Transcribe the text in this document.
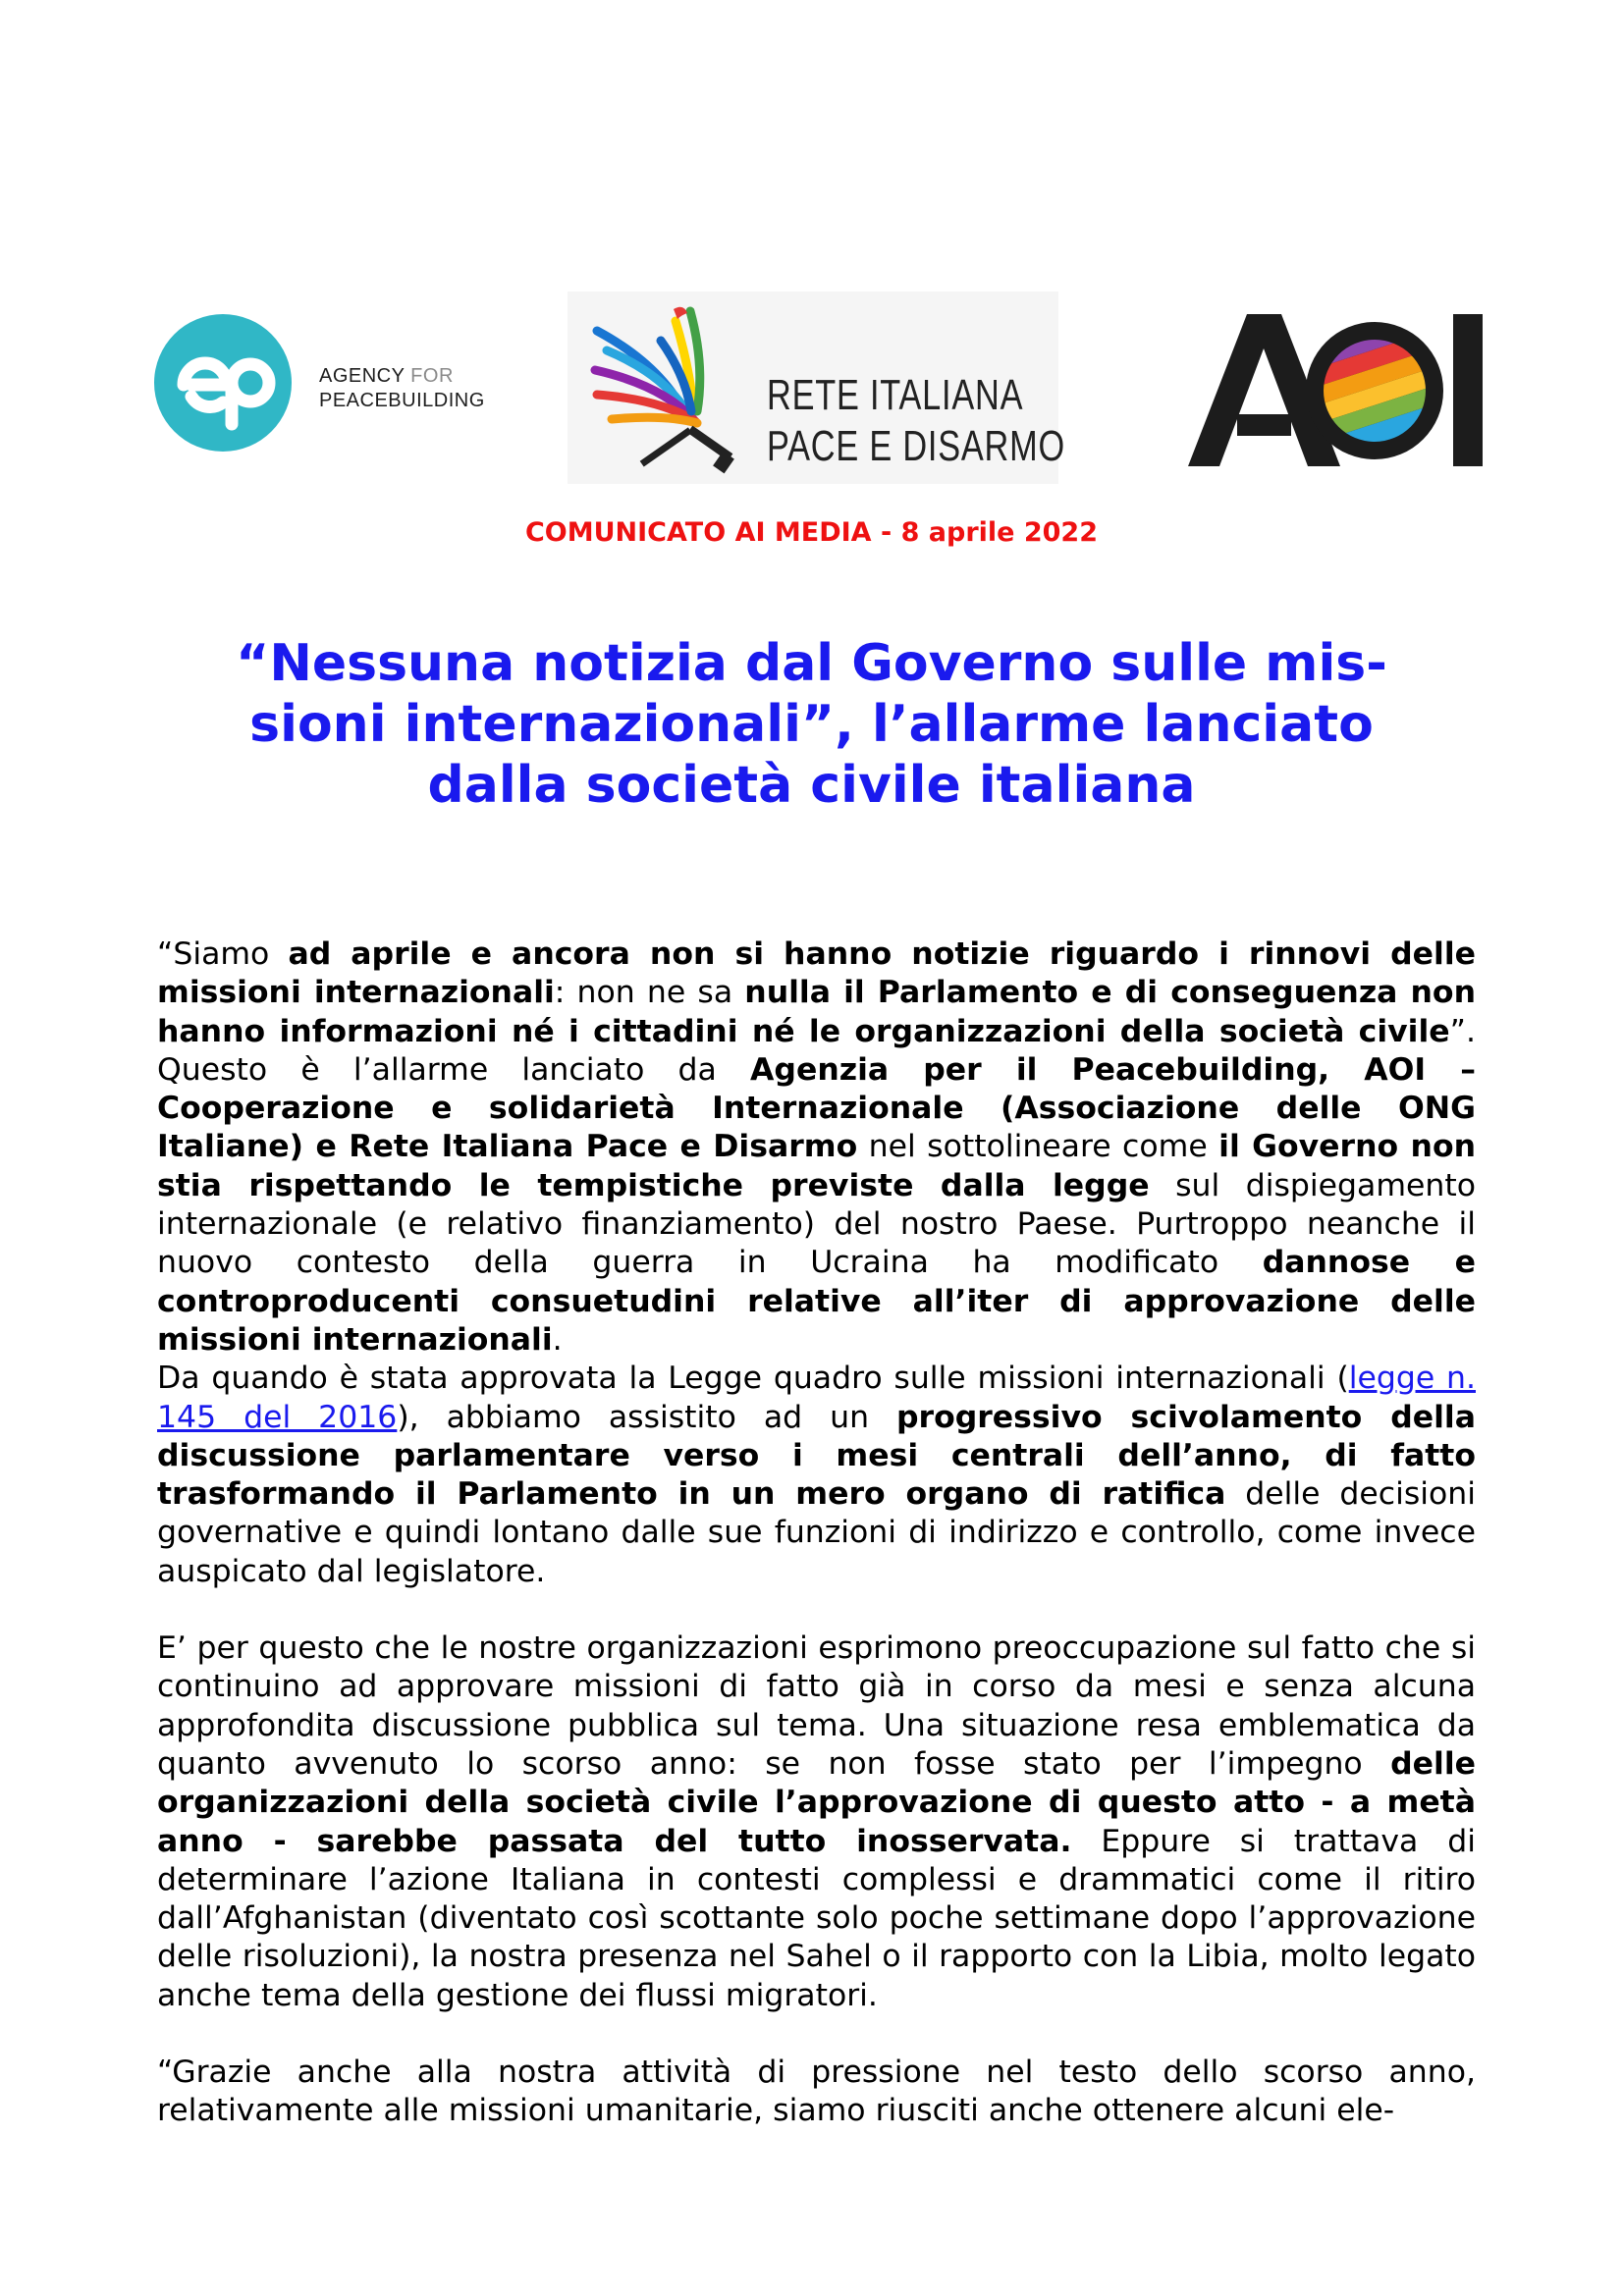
AGENCY FOR
PEACEBUILDING	RETE ITALIANA
PACE E DISARMO
COMUNICATO AI MEDIA - 8 aprile 2022
“Nessuna notizia dal Governo sulle mis-
sioni internazionali”, l’allarme lanciato
dalla società civile italiana

“Siamo ad aprile e ancora non si hanno notizie riguardo i rinnovi delle missioni internazionali: non ne sa nulla il Parlamento e di conseguenza non hanno informazioni né i cittadini né le organizzazioni della società civile”. Questo è l’allarme lanciato da Agenzia per il Peacebuilding, AOI – Cooperazione e solidarietà Internazionale (Associazione delle ONG Italiane) e Rete Italiana Pace e Disarmo nel sottolineare come il Governo non stia rispettando le tempistiche previste dalla legge sul dispiegamento internazionale (e relativo finanziamento) del nostro Paese. Purtroppo neanche il nuovo contesto della guerra in Ucraina ha modificato dannose e controproducenti consuetudini relative all’iter di approvazione delle missioni internazionali.

Da quando è stata approvata la Legge quadro sulle missioni internazionali (legge n. 145 del 2016), abbiamo assistito ad un progressivo scivolamento della discussione parlamentare verso i mesi centrali dell’anno, di fatto trasformando il Parlamento in un mero organo di ratifica delle decisioni governative e quindi lontano dalle sue funzioni di indirizzo e controllo, come invece auspicato dal legislatore.

E’ per questo che le nostre organizzazioni esprimono preoccupazione sul fatto che si continuino ad approvare missioni di fatto già in corso da mesi e senza alcuna approfondita discussione pubblica sul tema. Una situazione resa emblematica da quanto avvenuto lo scorso anno: se non fosse stato per l’impegno delle organizzazioni della società civile l’approvazione di questo atto - a metà anno - sarebbe passata del tutto inosservata. Eppure si trattava di determinare l’azione Italiana in contesti complessi e drammatici come il ritiro dall’Afghanistan (diventato così scottante solo poche settimane dopo l’approvazione delle risoluzioni), la nostra presenza nel Sahel o il rapporto con la Libia, molto legato anche tema della gestione dei flussi migratori.

“Grazie anche alla nostra attività di pressione nel testo dello scorso anno, relativamente alle missioni umanitarie, siamo riusciti anche ottenere alcuni ele-
